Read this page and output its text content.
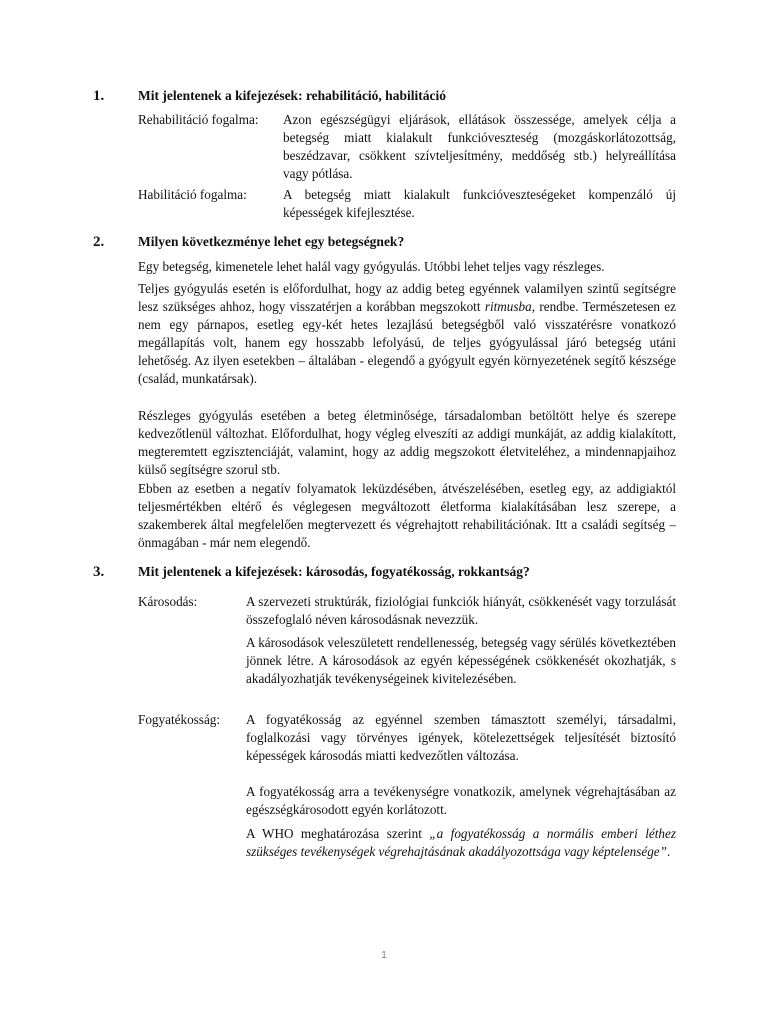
1.	Mit jelentenek a kifejezések: rehabilitáció, habilitáció
Rehabilitáció fogalma: Azon egészségügyi eljárások, ellátások összessége, amelyek célja a betegség miatt kialakult funkcióveszteség (mozgáskorlátozottság, beszédzavar, csökkent szívteljesítmény, meddőség stb.) helyreállítása vagy pótlása.
Habilitáció fogalma:	A betegség miatt kialakult funkcióveszteségeket kompenzáló új képességek kifejlesztése.
2.	Milyen következménye lehet egy betegségnek?
Egy betegség, kimenetele lehet halál vagy gyógyulás. Utóbbi lehet teljes vagy részleges.
Teljes gyógyulás esetén is előfordulhat, hogy az addig beteg egyénnek valamilyen szintű segítségre lesz szükséges ahhoz, hogy visszatérjen a korábban megszokott ritmusba, rendbe. Természetesen ez nem egy párnapos, esetleg egy-két hetes lezajlású betegségből való visszatérésre vonatkozó megállapítás volt, hanem egy hosszabb lefolyású, de teljes gyógyulással járó betegség utáni lehetőség. Az ilyen esetekben – általában - elegendő a gyógyult egyén környezetének segítő készsége (család, munkatársak).
Részleges gyógyulás esetében a beteg életminősége, társadalomban betöltött helye és szerepe kedvezőtlenül változhat. Előfordulhat, hogy végleg elveszíti az addigi munkáját, az addig kialakított, megteremtett egzisztenciáját, valamint, hogy az addig megszokott életviteléhez, a mindennapjaihoz külső segítségre szorul stb.
Ebben az esetben a negatív folyamatok leküzdésében, átvészelésében, esetleg egy, az addigiaktól teljesmértékben eltérő és véglegesen megváltozott életforma kialakításában lesz szerepe, a szakemberek által megfelelően megtervezett és végrehajtott rehabilitációnak. Itt a családi segítség – önmagában - már nem elegendő.
3.	Mit jelentenek a kifejezések: károsodás, fogyatékosság, rokkantság?
Károsodás:	A szervezeti struktúrák, fiziológiai funkciók hiányát, csökkenését vagy torzulását összefoglaló néven károsodásnak nevezzük.
A károsodások veleszületett rendellenesség, betegség vagy sérülés következtében jönnek létre. A károsodások az egyén képességének csökkenését okozhatják, s akadályozhatják tevékenységeinek kivitelezésében.
Fogyatékosság: A fogyatékosság az egyénnel szemben támasztott személyi, társadalmi, foglalkozási vagy törvényes igények, kötelezettségek teljesítését biztosító képességek károsodás miatti kedvezőtlen változása.
A fogyatékosság arra a tevékenységre vonatkozik, amelynek végrehajtásában az egészségkárosodott egyén korlátozott.
A WHO meghatározása szerint „a fogyatékosság a normális emberi léthez szükséges tevékenységek végrehajtásának akadályozottsága vagy képtelensége”.
1
